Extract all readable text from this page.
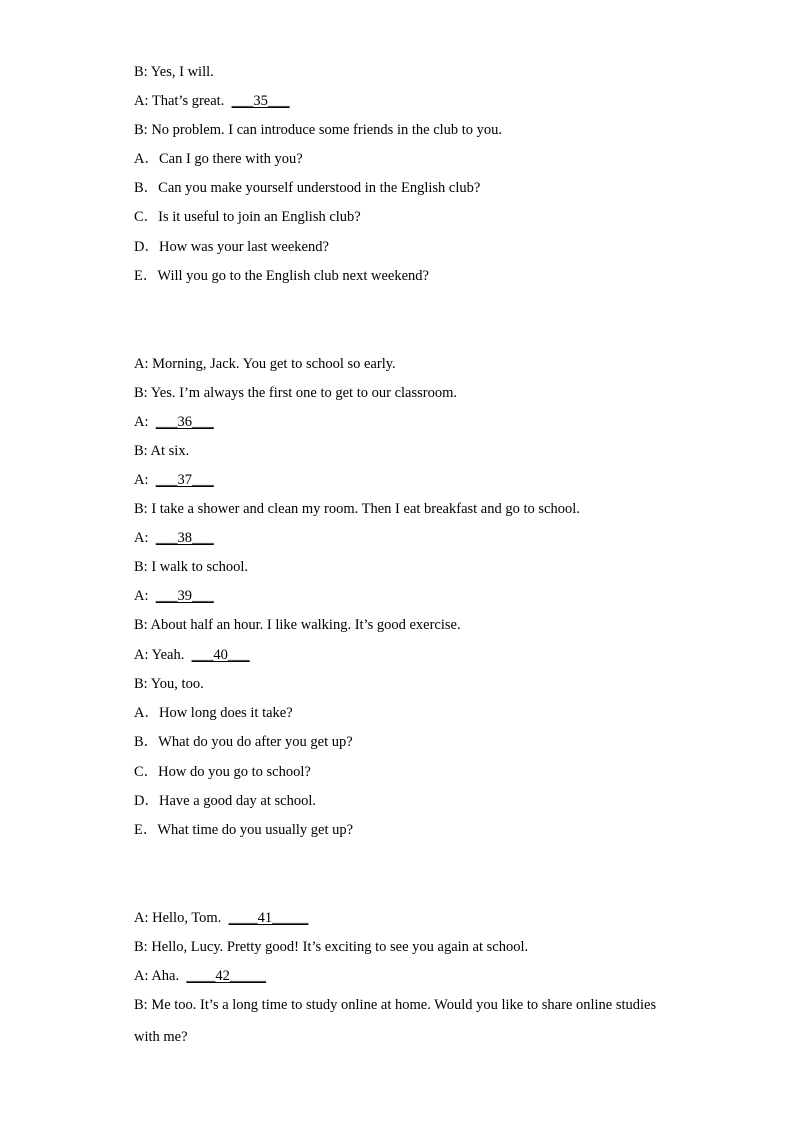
B: Yes, I will.
A: That’s great.  ___35___
B: No problem. I can introduce some friends in the club to you.
A．Can I go there with you?
B．Can you make yourself understood in the English club?
C．Is it useful to join an English club?
D．How was your last weekend?
E．Will you go to the English club next weekend?
A: Morning, Jack. You get to school so early.
B: Yes. I’m always the first one to get to our classroom.
A:  ___36___
B: At six.
A:  ___37___
B: I take a shower and clean my room. Then I eat breakfast and go to school.
A:  ___38___
B: I walk to school.
A:  ___39___
B: About half an hour. I like walking. It’s good exercise.
A: Yeah.  ___40___
B: You, too.
A．How long does it take?
B．What do you do after you get up?
C．How do you go to school?
D．Have a good day at school.
E．What time do you usually get up?
A: Hello, Tom.  ____41_____
B: Hello, Lucy. Pretty good! It’s exciting to see you again at school.
A: Aha.  ____42_____
B: Me too. It’s a long time to study online at home. Would you like to share online studies
with me?
